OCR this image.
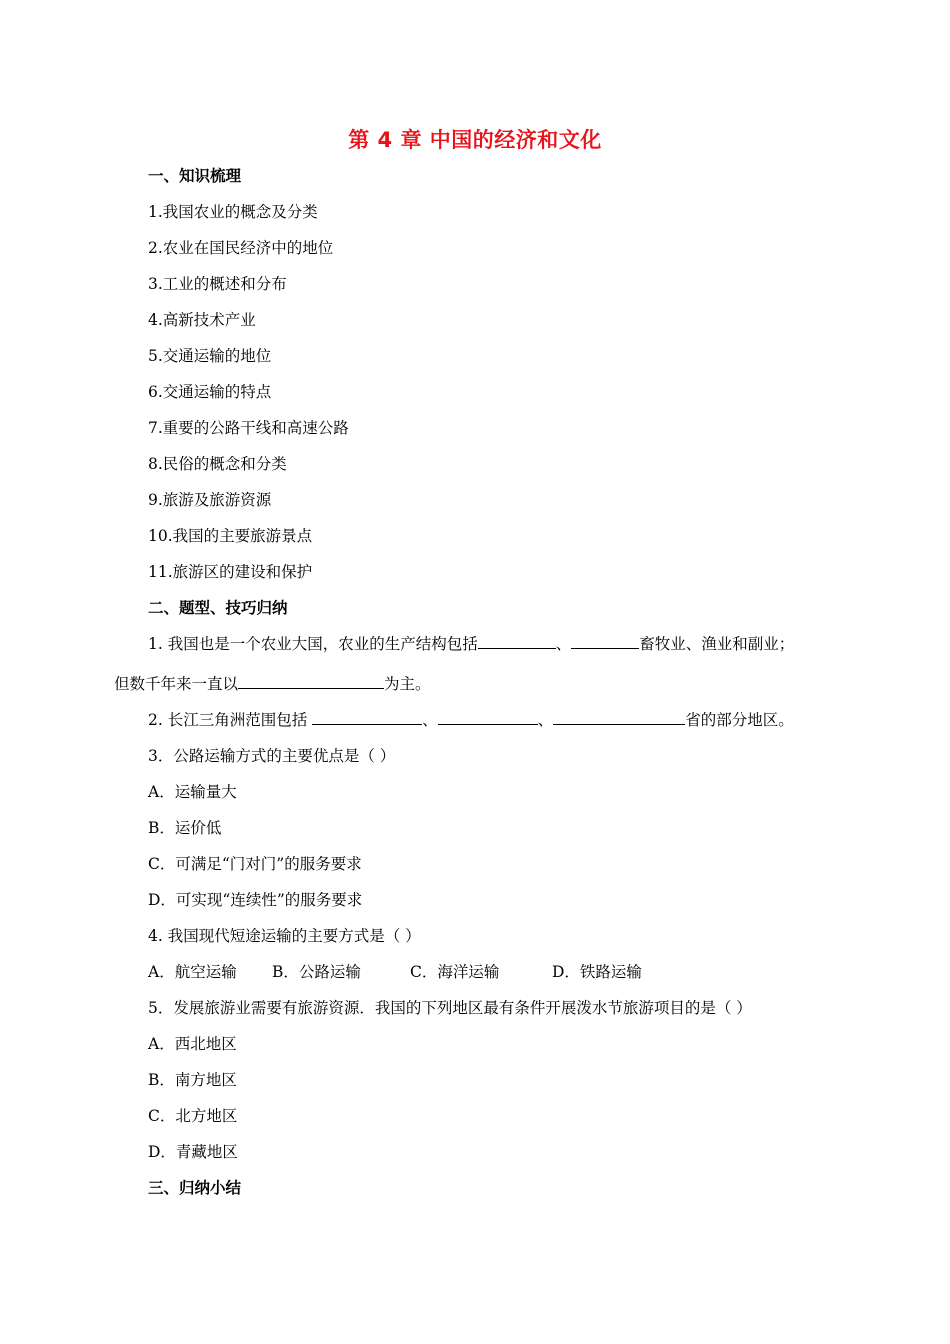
第 4 章 中国的经济和文化
一、知识梳理
1.我国农业的概念及分类
2.农业在国民经济中的地位
3.工业的概述和分布
4.高新技术产业
5.交通运输的地位
6.交通运输的特点
7.重要的公路干线和高速公路
8.民俗的概念和分类
9.旅游及旅游资源
10.我国的主要旅游景点
11.旅游区的建设和保护
二、题型、技巧归纳
1. 我国也是一个农业大国，农业的生产结构包括	、	畜牧业、渔业和副业；
但数千年来一直以	为主。
2. 长江三角洲范围包括	、	、	省的部分地区。
3．公路运输方式的主要优点是（ ）
A．运输量大
B．运价低
C．可满足“门对门”的服务要求
D．可实现“连续性”的服务要求
4. 我国现代短途运输的主要方式是（ ）
A．航空运输 B．公路运输	C．海洋运输	D．铁路运输
5．发展旅游业需要有旅游资源．我国的下列地区最有条件开展泼水节旅游项目的是（ ）
A．西北地区
B．南方地区
C．北方地区
D．青藏地区
三、归纳小结
